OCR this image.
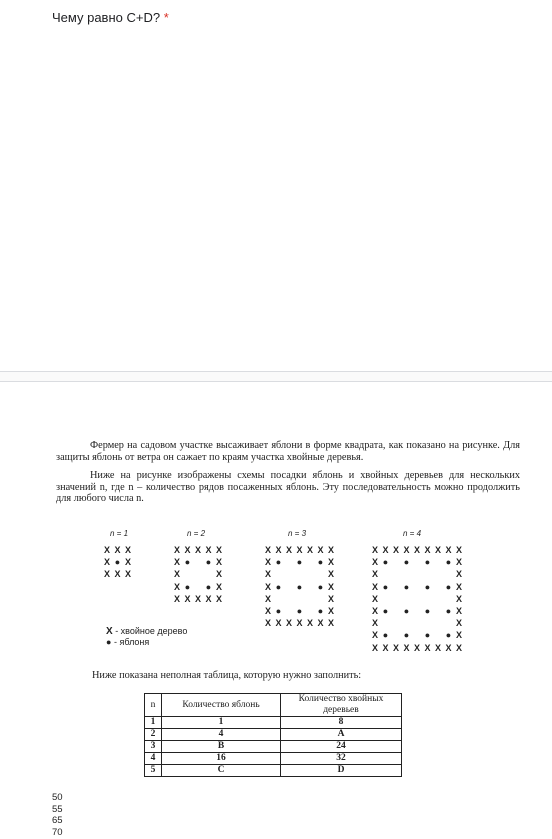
Чему равно C+D? *

Фермер на садовом участке высаживает яблони в форме квадрата, как показано на рисунке. Для защиты яблонь от ветра он сажает по краям участка хвойные деревья.

Ниже на рисунке изображены схемы посадки яблонь и хвойных деревьев для нескольких значений n, где n – количество рядов посаженных яблонь. Эту последовательность можно продолжить для любого числа n.

n = 1
X X X
X ● X
X X X
n = 2
X X X X X
X ● ● X
X	X
X ● ● X
X X X X X
n = 3
X X X X X X X
X ● ● ● X
X	X
X ● ● ● X
X	X
X ● ● ● X
X X X X X X X
n = 4
X X X X X X X X X
X ● ● ● ● X
X	X
X ● ● ● ● X
X	X
X ● ● ● ● X
X	X
X ● ● ● ● X
X X X X X X X X X
X - хвойное дерево
● - яблоня
Ниже показана неполная таблица, которую нужно заполнить:
n	Количество яблонь	Количество хвойных деревьев
1	1	8
2	4	A
3	B	24
4	16	32
5	C	D
50
55
65
70
